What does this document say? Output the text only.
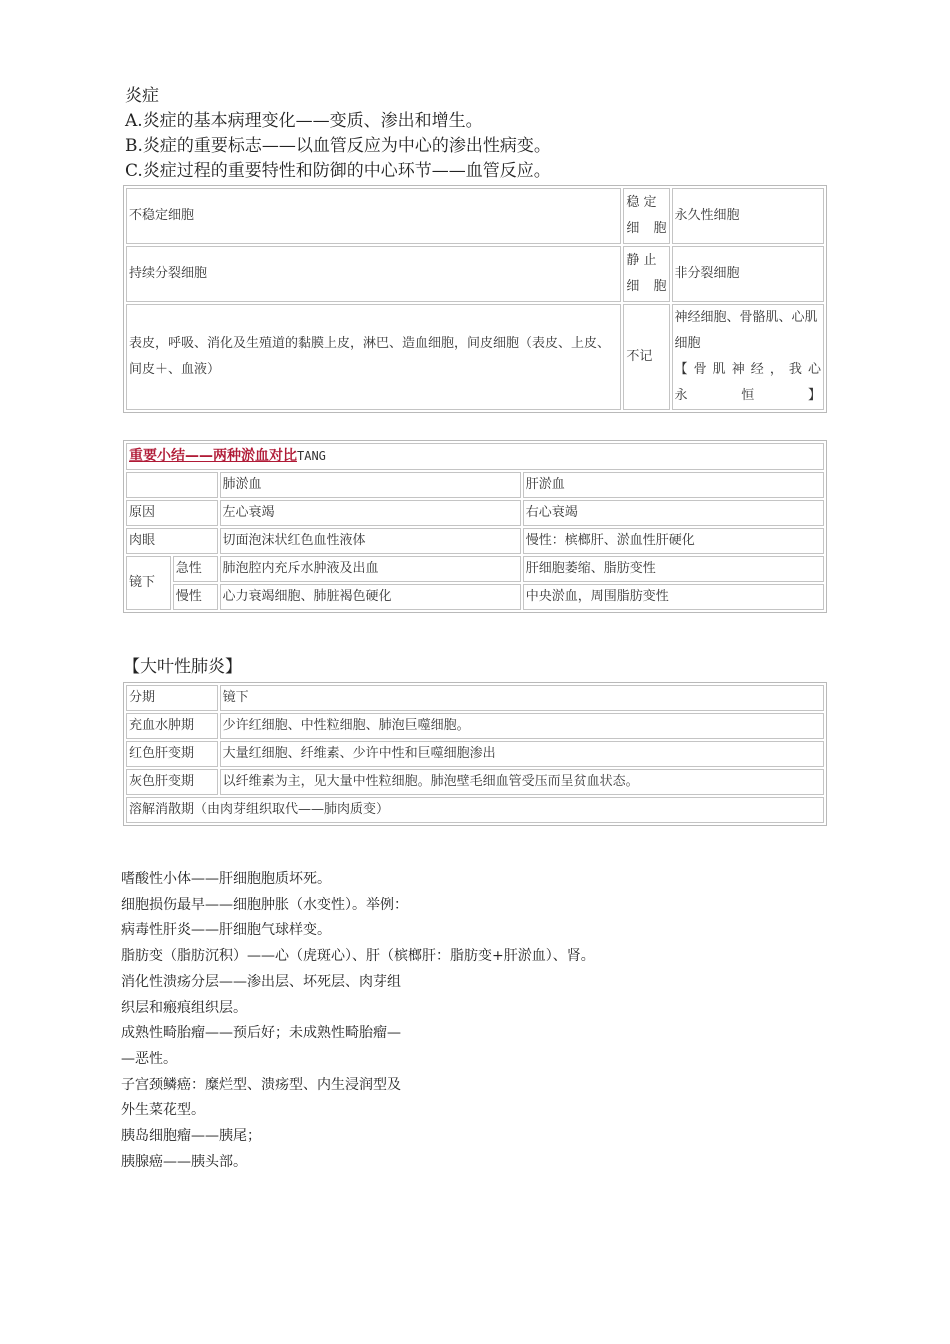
炎症
A.炎症的基本病理变化——变质、渗出和增生。
B.炎症的重要标志——以血管反应为中心的渗出性病变。
C.炎症过程的重要特性和防御的中心环节——血管反应。
不稳定细胞	稳 定 细 胞	永久性细胞
持续分裂细胞	静 止 细 胞	非分裂细胞
表皮，呼吸、消化及生殖道的黏膜上皮，淋巴、造血细胞，间皮细胞（表皮、上皮、间皮＋、血液）	不记	神经细胞、骨骼肌、心肌细胞
【 骨 肌 神 经 ， 我 心 永 恒 】
重要小结——两种淤血对比TANG			
		肺淤血	肝淤血
原因		左心衰竭	右心衰竭
肉眼		切面泡沫状红色血性液体	慢性：槟榔肝、淤血性肝硬化
镜下	急性	肺泡腔内充斥水肿液及出血	肝细胞萎缩、脂肪变性
	慢性	心力衰竭细胞、肺脏褐色硬化	中央淤血，周围脂肪变性
【大叶性肺炎】
分期	镜下
充血水肿期	少许红细胞、中性粒细胞、肺泡巨噬细胞。
红色肝变期	大量红细胞、纤维素、少许中性和巨噬细胞渗出
灰色肝变期	以纤维素为主，见大量中性粒细胞。肺泡壁毛细血管受压而呈贫血状态。
溶解消散期（由肉芽组织取代——肺肉质变）	
嗜酸性小体——肝细胞胞质坏死。
细胞损伤最早——细胞肿胀（水变性）。举例：
病毒性肝炎——肝细胞气球样变。
脂肪变（脂肪沉积）——心（虎斑心）、肝（槟榔肝：脂肪变+肝淤血）、肾。
消化性溃疡分层——渗出层、坏死层、肉芽组
织层和瘢痕组织层。
成熟性畸胎瘤——预后好；未成熟性畸胎瘤—
—恶性。
子宫颈鳞癌：糜烂型、溃疡型、内生浸润型及
外生菜花型。
胰岛细胞瘤——胰尾；
胰腺癌——胰头部。
